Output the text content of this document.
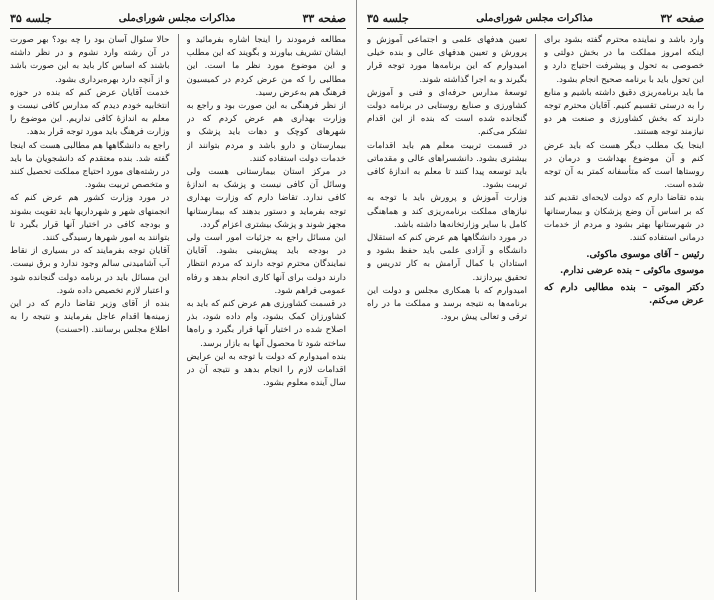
صفحه ۳۳
مذاکرات مجلس شورای‌ملی
جلسه ۳۵

مطالعه فرمودند را اینجا اشاره بفرمائید و ایشان تشریف بیاورند و بگویند که این مطلب و این موضوع مورد نظر ما است. این مطالبی را که من عرض کردم در کمیسیون فرهنگ هم به‌عرض رسید.

از نظر فرهنگی به این صورت بود و راجع به وزارت بهداری هم عرض کردم که در شهرهای کوچک و دهات باید پزشک و بیمارستان و دارو باشد و مردم بتوانند از خدمات دولت استفاده کنند.

در مرکز استان بیمارستانی هست ولی وسائل آن کافی نیست و پزشک به اندازهٔ کافی ندارد. تقاضا دارم که وزارت بهداری توجه بفرماید و دستور بدهند که بیمارستانها مجهز شوند و پزشک بیشتری اعزام گردد.

این مسائل راجع به جزئیات امور است ولی در بودجه باید پیش‌بینی بشود. آقایان نمایندگان محترم توجه دارند که مردم انتظار دارند دولت برای آنها کاری انجام بدهد و رفاه عمومی فراهم شود.

در قسمت کشاورزی هم عرض کنم که باید به کشاورزان کمک بشود، وام داده شود، بذر اصلاح شده در اختیار آنها قرار بگیرد و راه‌ها ساخته شود تا محصول آنها به بازار برسد.

بنده امیدوارم که دولت با توجه به این عرایض اقدامات لازم را انجام بدهد و نتیجه آن در سال آینده معلوم بشود.

حالا سئوال آسان بود را چه بود؟ بهر صورت در آن رشته وارد نشوم و در نظر داشته باشند که اساس کار باید به این صورت باشد و از آنچه دارد بهره‌برداری بشود.

خدمت آقایان عرض کنم که بنده در حوزه انتخابیه خودم دیدم که مدارس کافی نیست و معلم به اندازهٔ کافی نداریم. این موضوع را وزارت فرهنگ باید مورد توجه قرار بدهد.

راجع به دانشگاهها هم مطالبی هست که اینجا گفته شد. بنده معتقدم که دانشجویان ما باید در رشته‌های مورد احتیاج مملکت تحصیل کنند و متخصص تربیت بشود.

در مورد وزارت کشور هم عرض کنم که انجمنهای شهر و شهرداریها باید تقویت بشوند و بودجه کافی در اختیار آنها قرار بگیرد تا بتوانند به امور شهرها رسیدگی کنند.

آقایان توجه بفرمایند که در بسیاری از نقاط آب آشامیدنی سالم وجود ندارد و برق نیست. این مسائل باید در برنامه دولت گنجانده شود و اعتبار لازم تخصیص داده شود.

بنده از آقای وزیر تقاضا دارم که در این زمینه‌ها اقدام عاجل بفرمایند و نتیجه را به اطلاع مجلس برسانند. (احسنت)

صفحه ۳۲
مذاکرات مجلس شورای‌ملی
جلسه ۳۵

وارد باشد و نماینده محترم گفته بشود برای اینکه امروز مملکت ما در بخش دولتی و خصوصی به تحول و پیشرفت احتیاج دارد و این تحول باید با برنامه صحیح انجام بشود.

ما باید برنامه‌ریزی دقیق داشته باشیم و منابع را به درستی تقسیم کنیم. آقایان محترم توجه دارند که بخش کشاورزی و صنعت هر دو نیازمند توجه هستند.

اینجا یک مطلب دیگر هست که باید عرض کنم و آن موضوع بهداشت و درمان در روستاها است که متأسفانه کمتر به آن توجه شده است.

بنده تقاضا دارم که دولت لایحه‌ای تقدیم کند که بر اساس آن وضع پزشکان و بیمارستانها در شهرستانها بهتر بشود و مردم از خدمات درمانی استفاده کنند.

رئیس – آقای موسوی ماکوئی.

موسوی ماکوئی – بنده عرضی ندارم.

دکتر الموتی – بنده مطالبی دارم که عرض می‌کنم.

تعیین هدفهای علمی و اجتماعی آموزش و پرورش و تعیین هدفهای عالی و بنده خیلی امیدوارم که این برنامه‌ها مورد توجه قرار بگیرند و به اجرا گذاشته شوند.

توسعهٔ مدارس حرفه‌ای و فنی و آموزش کشاورزی و صنایع روستایی در برنامه دولت گنجانده شده است که بنده از این اقدام تشکر می‌کنم.

در قسمت تربیت معلم هم باید اقدامات بیشتری بشود. دانشسراهای عالی و مقدماتی باید توسعه پیدا کنند تا معلم به اندازهٔ کافی تربیت بشود.

وزارت آموزش و پرورش باید با توجه به نیازهای مملکت برنامه‌ریزی کند و هماهنگی کامل با سایر وزارتخانه‌ها داشته باشد.

در مورد دانشگاهها هم عرض کنم که استقلال دانشگاه و آزادی علمی باید حفظ بشود و استادان با کمال آرامش به کار تدریس و تحقیق بپردازند.

امیدوارم که با همکاری مجلس و دولت این برنامه‌ها به نتیجه برسد و مملکت ما در راه ترقی و تعالی پیش برود.
